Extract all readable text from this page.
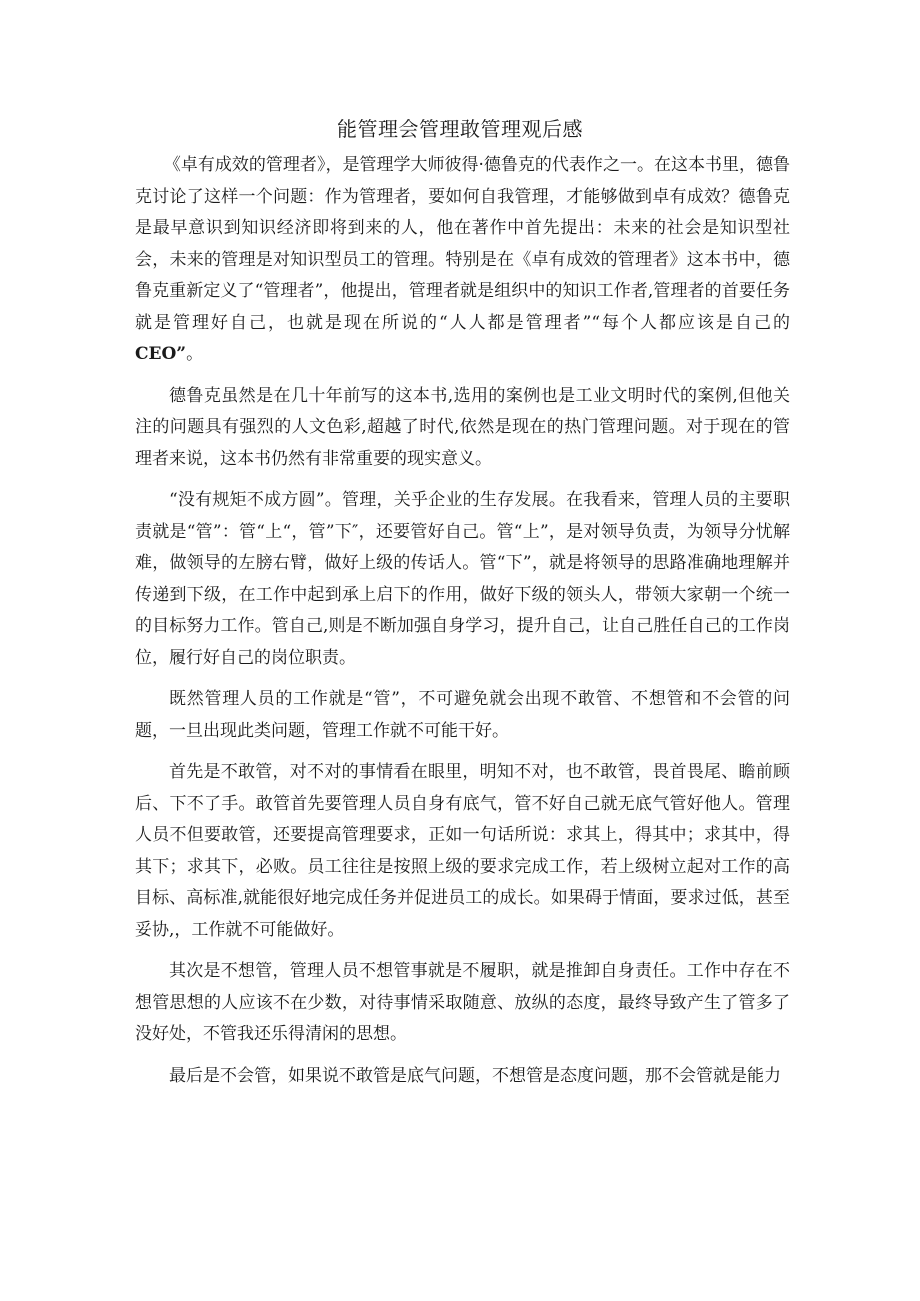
能管理会管理敢管理观后感

《卓有成效的管理者》，是管理学大师彼得·德鲁克的代表作之一。在这本书里，德鲁克讨论了这样一个问题：作为管理者，要如何自我管理，才能够做到卓有成效？德鲁克是最早意识到知识经济即将到来的人，他在著作中首先提出：未来的社会是知识型社会，未来的管理是对知识型员工的管理。特别是在《卓有成效的管理者》这本书中，德鲁克重新定义了“管理者”，他提出，管理者就是组织中的知识工作者,管理者的首要任务就是管理好自己，也就是现在所说的“人人都是管理者”“每个人都应该是自己的CEO”。

德鲁克虽然是在几十年前写的这本书,选用的案例也是工业文明时代的案例,但他关注的问题具有强烈的人文色彩,超越了时代,依然是现在的热门管理问题。对于现在的管理者来说，这本书仍然有非常重要的现实意义。

“没有规矩不成方圆”。管理，关乎企业的生存发展。在我看来，管理人员的主要职责就是“管”：管“上“，管”下″，还要管好自己。管“上”，是对领导负责，为领导分忧解难，做领导的左膀右臂，做好上级的传话人。管“下”，就是将领导的思路准确地理解并传递到下级，在工作中起到承上启下的作用，做好下级的领头人，带领大家朝一个统一的目标努力工作。管自己,则是不断加强自身学习，提升自己，让自己胜任自己的工作岗位，履行好自己的岗位职责。

既然管理人员的工作就是“管”，不可避免就会出现不敢管、不想管和不会管的问题，一旦出现此类问题，管理工作就不可能干好。

首先是不敢管，对不对的事情看在眼里，明知不对，也不敢管，畏首畏尾、瞻前顾后、下不了手。敢管首先要管理人员自身有底气，管不好自己就无底气管好他人。管理人员不但要敢管，还要提高管理要求，正如一句话所说：求其上，得其中；求其中，得其下；求其下，必败。员工往往是按照上级的要求完成工作，若上级树立起对工作的高目标、高标准,就能很好地完成任务并促进员工的成长。如果碍于情面，要求过低，甚至妥协,，工作就不可能做好。

其次是不想管，管理人员不想管事就是不履职，就是推卸自身责任。工作中存在不想管思想的人应该不在少数，对待事情采取随意、放纵的态度，最终导致产生了管多了没好处，不管我还乐得清闲的思想。

最后是不会管，如果说不敢管是底气问题，不想管是态度问题，那不会管就是能力
